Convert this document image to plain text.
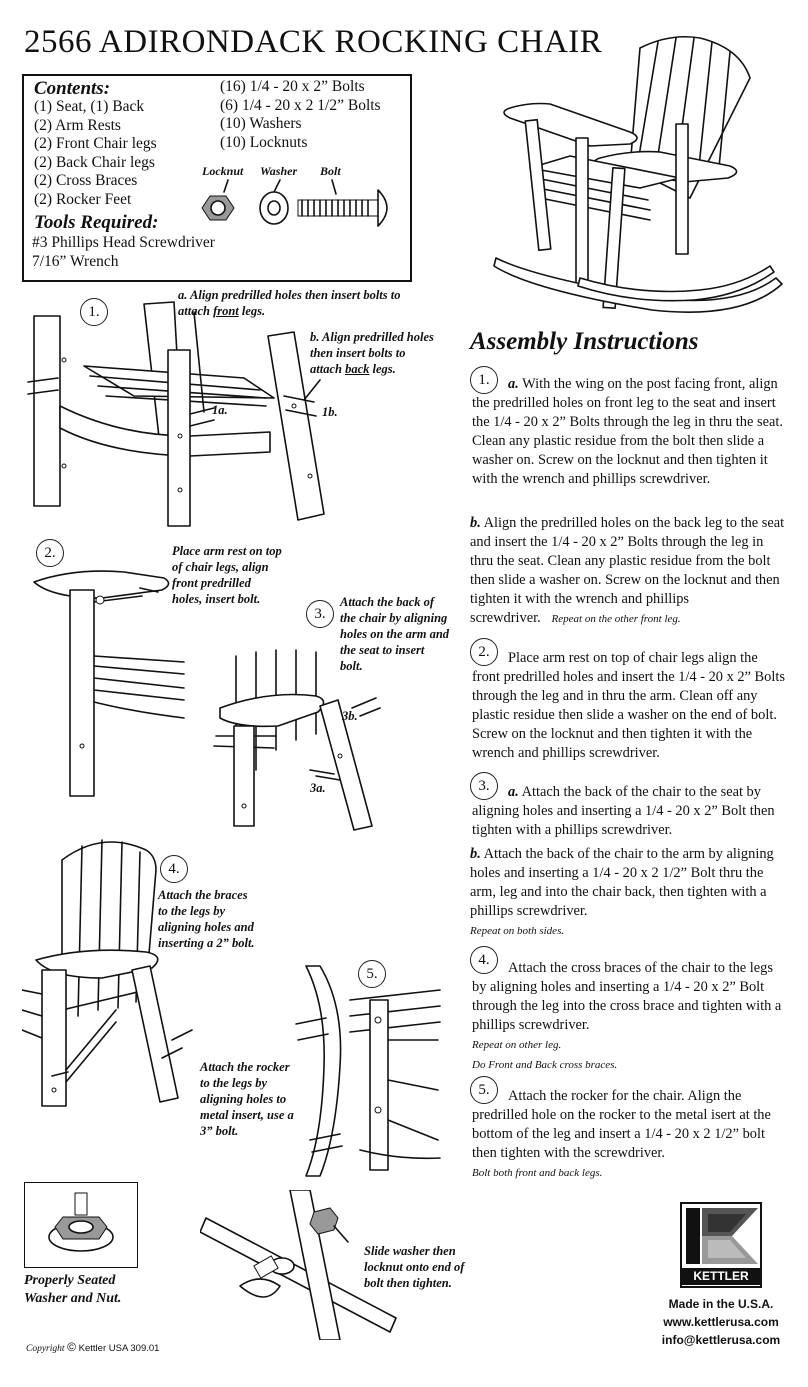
2566 ADIRONDACK ROCKING CHAIR
Contents:
(1) Seat, (1) Back
(2) Arm Rests
(2) Front Chair legs
(2) Back Chair legs
(2) Cross Braces
(2) Rocker Feet
(16) 1/4 - 20 x 2” Bolts
(6) 1/4 - 20 x 2 1/2” Bolts
(10) Washers
(10) Locknuts
Locknut Washer Bolt
Tools Required:
#3 Phillips Head Screwdriver
7/16” Wrench
1.
a. Align predrilled holes then insert bolts to attach front legs.
b. Align predrilled holes then insert bolts to attach back legs.
1a.	1b.
2.	Place arm rest on top of chair legs, align front predrilled holes, insert bolt.
3.
Attach the back of the chair by aligning holes on the arm and the seat to insert bolt.
3b.
3a.
4.
Attach the braces to the legs by aligning holes and inserting a 2” bolt.
5.
Attach the rocker to the legs by aligning holes to metal insert, use a 3” bolt.
Properly Seated Washer and Nut.
Slide washer then locknut onto end of bolt then tighten.
Assembly Instructions
1.	a. With the wing on the post facing front, align the predrilled holes on front leg to the seat and insert the 1/4 - 20 x 2” Bolts through the leg in thru the seat. Clean any plastic residue from the bolt then slide a washer on. Screw on the locknut and then tighten it with the wrench and phillips screwdriver.
b. Align the predrilled holes on the back leg to the seat and insert the 1/4 - 20 x 2” Bolts through the leg in thru the seat. Clean any plastic residue from the bolt then slide a washer on. Screw on the locknut and then tighten it with the wrench and phillips screwdriver. Repeat on the other front leg.
2.	Place arm rest on top of chair legs align the front predrilled holes and insert the 1/4 - 20 x 2” Bolts through the leg and in thru the arm. Clean off any plastic residue then slide a washer on the end of bolt. Screw on the locknut and then tighten it with the wrench and phillips screwdriver.
3.	a. Attach the back of the chair to the seat by aligning holes and inserting a 1/4 - 20 x 2” Bolt then tighten with a phillips screwdriver.
b. Attach the back of the chair to the arm by aligning holes and inserting a 1/4 - 20 x 2 1/2” Bolt thru the arm, leg and into the chair back, then tighten with a phillips screwdriver.
Repeat on both sides.
4.	Attach the cross braces of the chair to the legs by aligning holes and inserting a 1/4 - 20 x 2” Bolt through the leg into the cross brace and tighten with a phillips screwdriver.
Repeat on other leg.
Do Front and Back cross braces.
5.	Attach the rocker for the chair. Align the predrilled hole on the rocker to the metal isert at the bottom of the leg and insert a 1/4 - 20 x 2 1/2” bolt then tighten with the screwdriver.
Bolt both front and back legs.
KETTLER
Made in the U.S.A.
www.kettlerusa.com
info@kettlerusa.com
Copyright © Kettler USA 309.01
